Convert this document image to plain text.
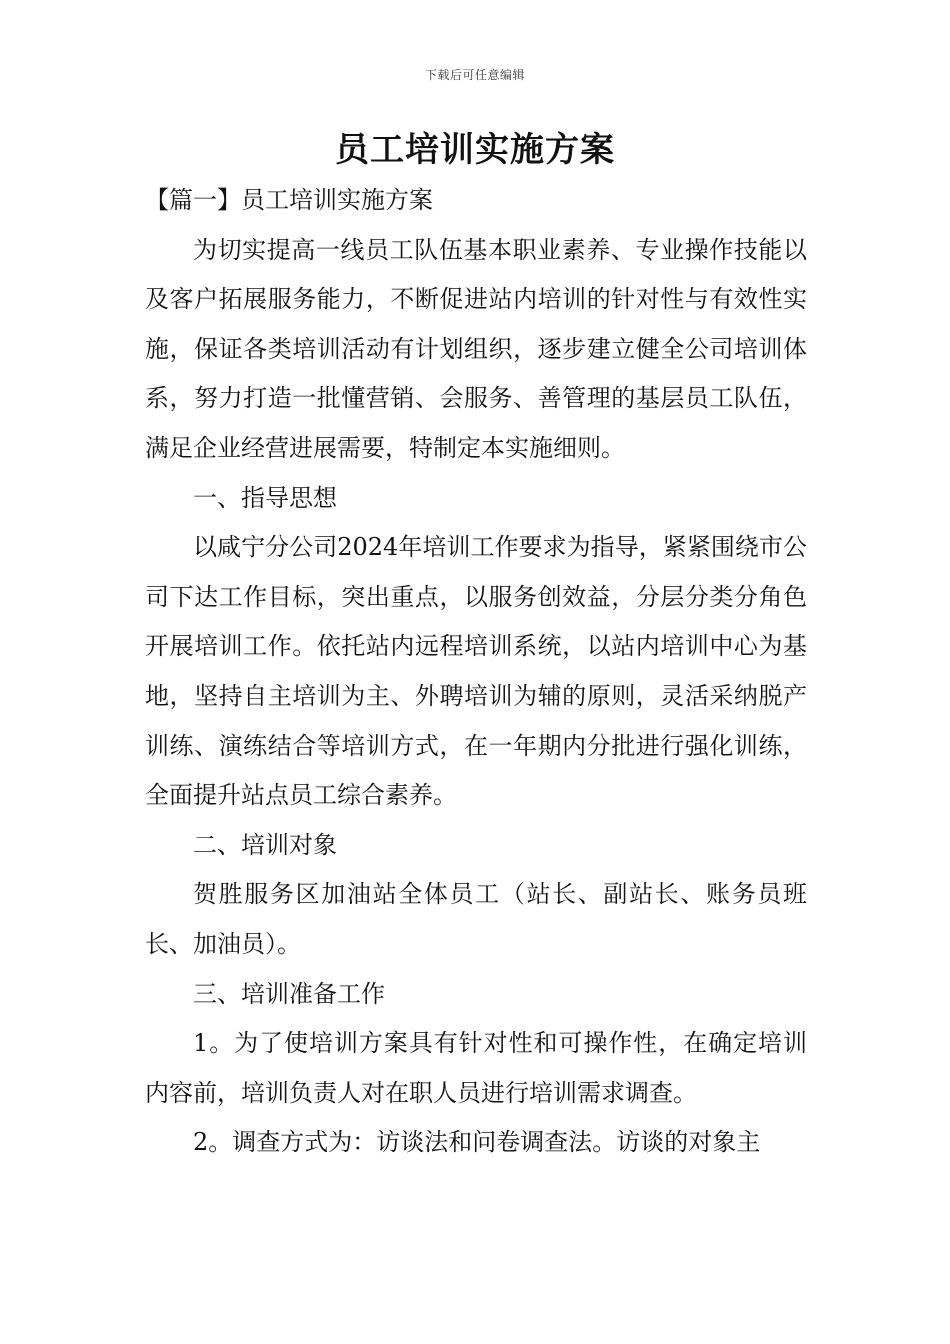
下载后可任意编辑
员工培训实施方案

【篇一】员工培训实施方案

为切实提高一线员工队伍基本职业素养、专业操作技能以及客户拓展服务能力，不断促进站内培训的针对性与有效性实施，保证各类培训活动有计划组织，逐步建立健全公司培训体系，努力打造一批懂营销、会服务、善管理的基层员工队伍，满足企业经营进展需要，特制定本实施细则。

一、指导思想

以咸宁分公司2024年培训工作要求为指导，紧紧围绕市公司下达工作目标，突出重点，以服务创效益，分层分类分角色开展培训工作。依托站内远程培训系统，以站内培训中心为基地，坚持自主培训为主、外聘培训为辅的原则，灵活采纳脱产训练、演练结合等培训方式，在一年期内分批进行强化训练，全面提升站点员工综合素养。

二、培训对象

贺胜服务区加油站全体员工（站长、副站长、账务员班长、加油员）。

三、培训准备工作

1。为了使培训方案具有针对性和可操作性，在确定培训内容前，培训负责人对在职人员进行培训需求调查。

2。调查方式为：访谈法和问卷调查法。访谈的对象主
